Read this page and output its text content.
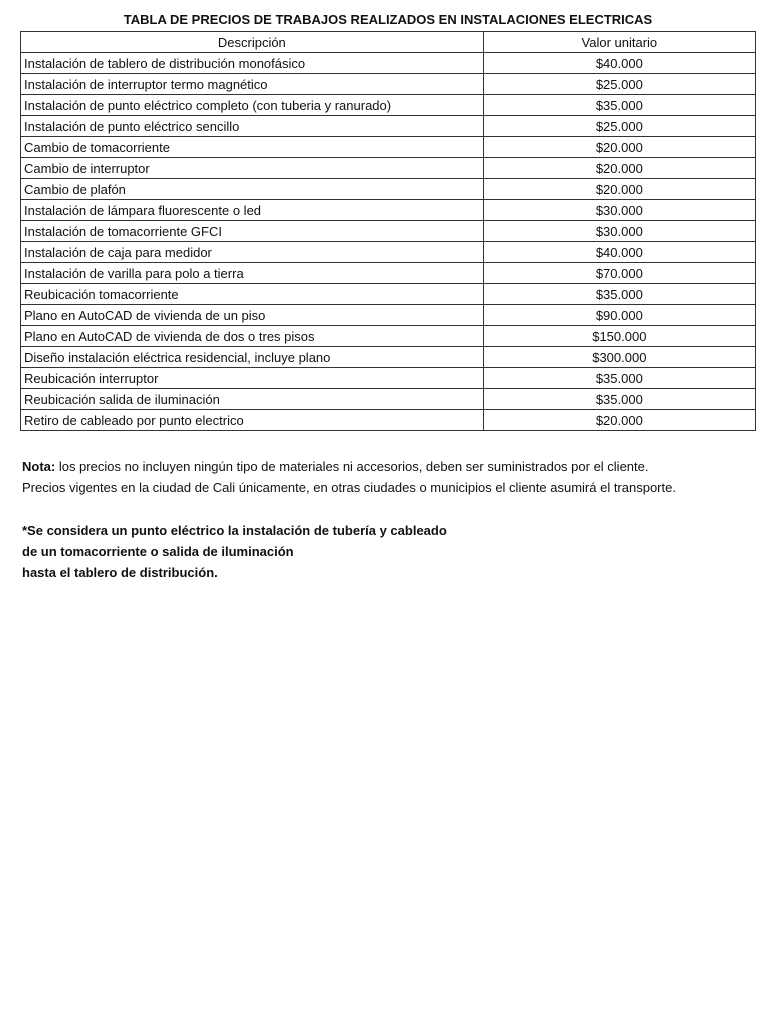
TABLA DE PRECIOS DE TRABAJOS REALIZADOS EN INSTALACIONES ELECTRICAS
Descripción	Valor unitario
Instalación de tablero de distribución monofásico	$40.000
Instalación de interruptor termo magnético	$25.000
Instalación de punto eléctrico completo (con tuberia y ranurado)	$35.000
Instalación de punto eléctrico sencillo	$25.000
Cambio de tomacorriente	$20.000
Cambio de interruptor	$20.000
Cambio de plafón	$20.000
Instalación de lámpara fluorescente o led	$30.000
Instalación de tomacorriente GFCI	$30.000
Instalación de caja para medidor	$40.000
Instalación de varilla para polo a tierra	$70.000
Reubicación tomacorriente	$35.000
Plano en AutoCAD de vivienda de un piso	$90.000
Plano en AutoCAD de vivienda de dos o tres pisos	$150.000
Diseño instalación eléctrica residencial, incluye plano	$300.000
Reubicación interruptor	$35.000
Reubicación salida de iluminación	$35.000
Retiro de cableado por punto electrico	$20.000

Nota: los precios no incluyen ningún tipo de materiales ni accesorios, deben ser suministrados por el cliente.

Precios vigentes en la ciudad de Cali únicamente, en otras ciudades o municipios el cliente asumirá el transporte.

*Se considera un punto eléctrico la instalación de tubería y cableado

de un tomacorriente o salida de iluminación

hasta el tablero de distribución.
